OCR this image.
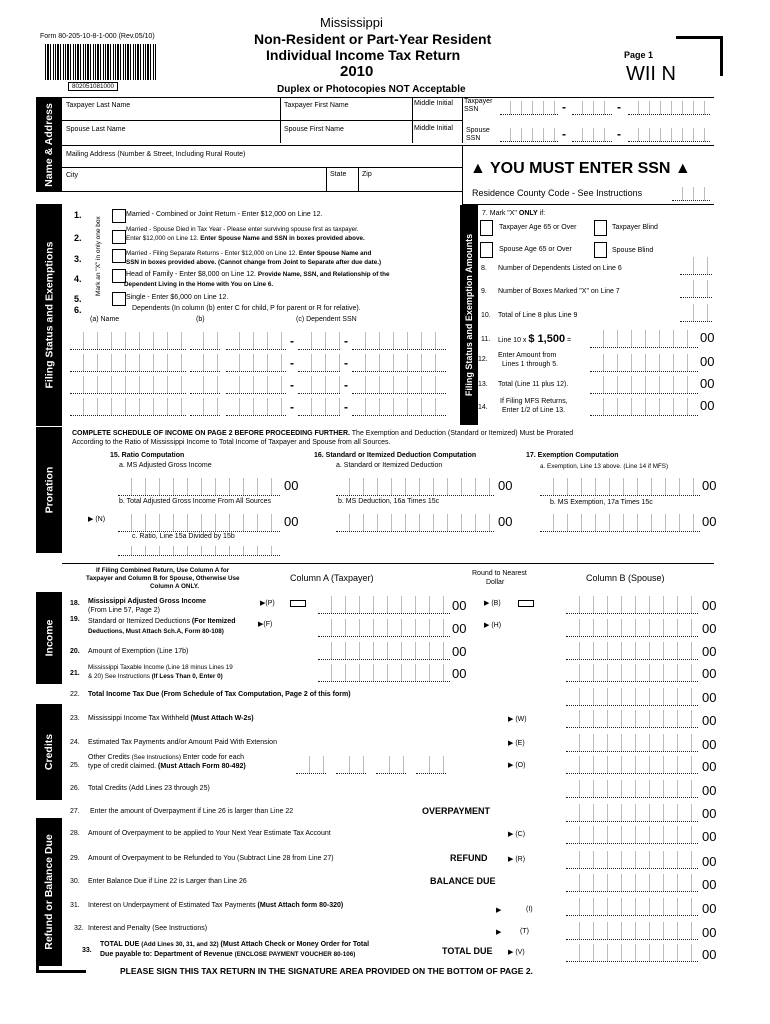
Form 80-205-10-8-1-000 (Rev.05/10)
802051081000
Mississippi
Non-Resident or Part-Year Resident
Individual Income Tax Return
2010
Duplex or Photocopies NOT Acceptable
Page 1
WII N
Name & Address Taxpayer Last Name	Taxpayer First Name	Middle Initial Taxpayer SSN	-	-
Spouse Last Name	Spouse First Name	Middle Initial Spouse SSN	-	-
Mailing Address (Number & Street, Including Rural Route)
City	State Zip	▲ YOU MUST ENTER SSN ▲
Residence County Code - See Instructions
Filing Status and Exemptions	Mark an "X" in only one box
1.	Married - Combined or Joint Return - Enter $12,000 on Line 12.
2.
Married - Spouse Died in Tax Year - Please enter surviving spouse first as taxpayer.
Enter $12,000 on Line 12. Enter Spouse Name and SSN in boxes provided above.
3.
Married - Filing Separate Returns - Enter $12,000 on Line 12. Enter Spouse Name and
SSN in boxes provided above. (Cannot change from Joint to Separate after due date.)
4.	Head of Family - Enter $8,000 on Line 12. Provide Name, SSN, and Relationship of the
Dependent Living in the Home with You on Line 6.
5.	Single - Enter $6,000 on Line 12.
6.	Dependents (In column (b) enter C for child, P for parent or R for relative).
(a) Name	(b)	(c) Dependent SSN
-	-
-	-
-	-
-	-
Filing Status and Exemption Amounts
7. Mark "X" ONLY if:
Taxpayer Age 65 or Over	Taxpayer Blind
Spouse Age 65 or Over	Spouse Blind
8. Number of Dependents Listed on Line 6
9. Number of Boxes Marked "X" on Line 7
10. Total of Line 8 plus Line 9
11. Line 10 x $ 1,500 =	00
12.
Enter Amount from
Lines 1 through 5.	00
13. Total (Line 11 plus 12).	00
14.
If Filing MFS Returns,
Enter 1/2 of Line 13.	00
Proration
COMPLETE SCHEDULE OF INCOME ON PAGE 2 BEFORE PROCEEDING FURTHER. The Exemption and Deduction (Standard or Itemized) Must be Prorated
According to the Ratio of Mississippi Income to Total Income of Taxpayer and Spouse from all Sources.
15. Ratio Computation	16. Standard or Itemized Deduction Computation	17. Exemption Computation
a. MS Adjusted Gross Income	a. Standard or Itemized Deduction	a. Exemption, Line 13 above. (Line 14 if MFS)
00	00	00
b. Total Adjusted Gross Income From All Sources	b. MS Deduction, 16a Times 15c	b. MS Exemption, 17a Times 15c
▶ (N)	00	00	00
c. Ratio, Line 15a Divided by 15b
If Filing Combined Return, Use Column A for
Taxpayer and Column B for Spouse, Otherwise Use
Column A ONLY.
Column A (Taxpayer)	Round to Nearest
Dollar	Column B (Spouse)
Income
18. Mississippi Adjusted Gross Income
(From Line 57, Page 2)
▶(P)	00	▶ (B)	00
19. Standard or Itemized Deductions (For Itemized
Deductions, Must Attach Sch.A, Form 80-108)
▶(F)	00	▶ (H)	00
20. Amount of Exemption (Line 17b)	00	00
21.
Mississippi Taxable Income (Line 18 minus Lines 19
& 20) See Instructions (If Less Than 0, Enter 0)	00	00
22. Total Income Tax Due (From Schedule of Tax Computation, Page 2 of this form)	00
Credits
23. Mississippi Income Tax Withheld (Must Attach W-2s)	▶ (W)	00
24. Estimated Tax Payments and/or Amount Paid With Extension	▶ (E)	00
25.
Other Credits (See Instructions) Enter code for each
type of credit claimed. (Must Attach Form 80-492)	▶ (O)	00
26. Total Credits (Add Lines 23 through 25)	00
Refund or Balance Due
27. Enter the amount of Overpayment if Line 26 is larger than Line 22	OVERPAYMENT	00
28. Amount of Overpayment to be applied to Your Next Year Estimate Tax Account	▶ (C)	00
29. Amount of Overpayment to be Refunded to You (Subtract Line 28 from Line 27)	REFUND	▶ (R)	00
30. Enter Balance Due if Line 22 is Larger than Line 26	BALANCE DUE	00
31. Interest on Underpayment of Estimated Tax Payments (Must Attach form 80-320)
▶	(I)	00
32. Interest and Penalty (See Instructions)
▶	(T)	00
33.
TOTAL DUE (Add Lines 30, 31, and 32) (Must Attach Check or Money Order for Total
Due payable to: Department of Revenue (ENCLOSE PAYMENT VOUCHER 80-106)	TOTAL DUE ▶ (V)	00
PLEASE SIGN THIS TAX RETURN IN THE SIGNATURE AREA PROVIDED ON THE BOTTOM OF PAGE 2.
